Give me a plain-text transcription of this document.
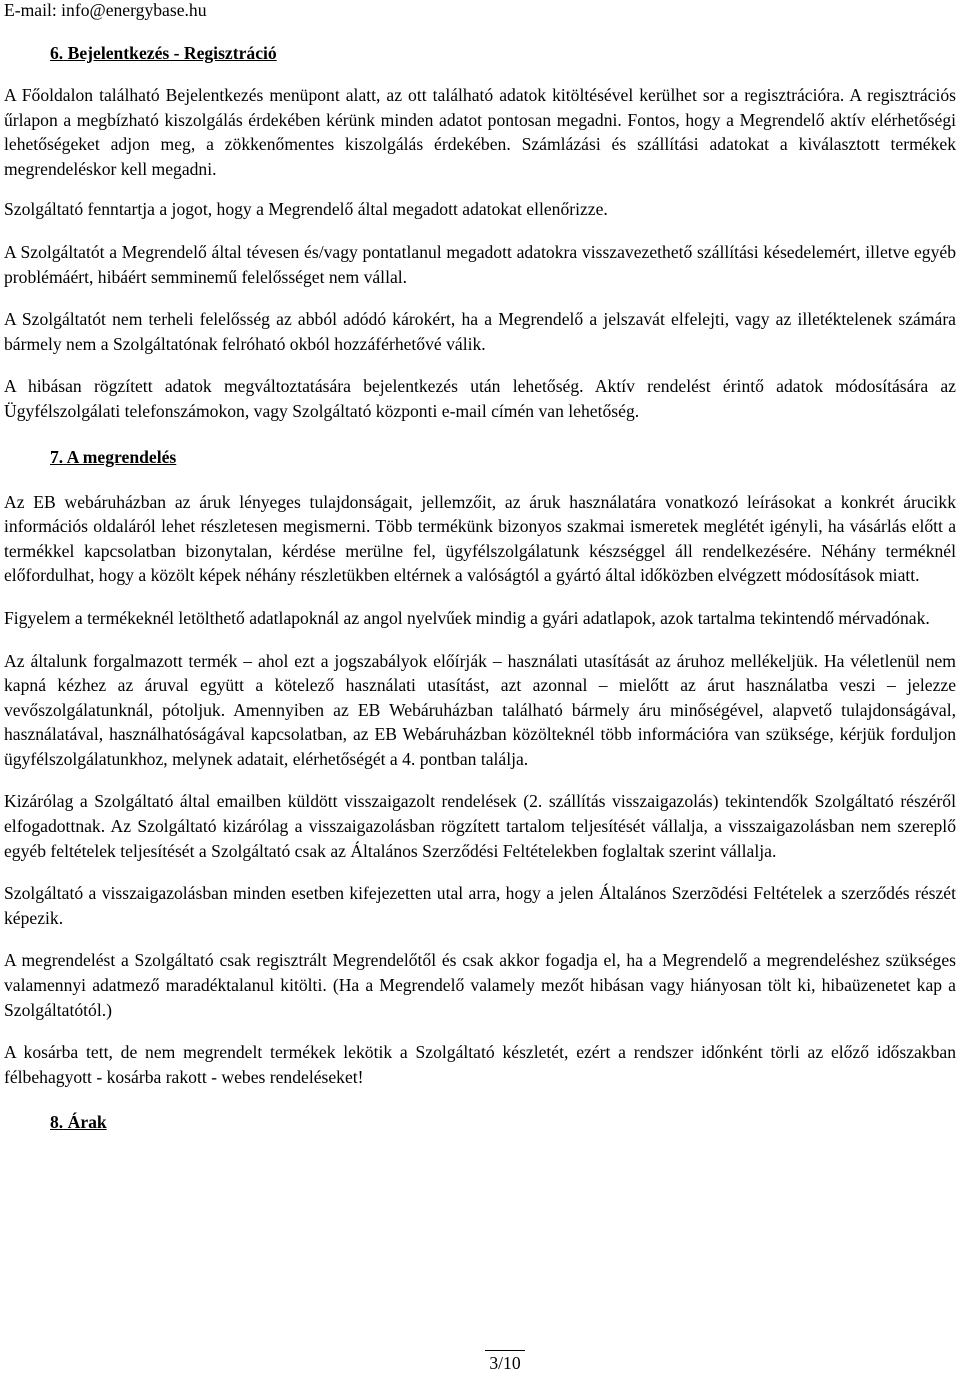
E-mail: info@energybase.hu
6. Bejelentkezés - Regisztráció

A Főoldalon található Bejelentkezés menüpont alatt, az ott található adatok kitöltésével kerülhet sor a regisztrációra. A regisztrációs űrlapon a megbízható kiszolgálás érdekében kérünk minden adatot pontosan megadni. Fontos, hogy a Megrendelő aktív elérhetőségi lehetőségeket adjon meg, a zökkenőmentes kiszolgálás érdekében. Számlázási és szállítási adatokat a kiválasztott termékek megrendeléskor kell megadni.

Szolgáltató fenntartja a jogot, hogy a Megrendelő által megadott adatokat ellenőrizze.

A Szolgáltatót a Megrendelő által tévesen és/vagy pontatlanul megadott adatokra visszavezethető szállítási késedelemért, illetve egyéb problémáért, hibáért semminemű felelősséget nem vállal.

A Szolgáltatót nem terheli felelősség az abból adódó károkért, ha a Megrendelő a jelszavát elfelejti, vagy az illetéktelenek számára bármely nem a Szolgáltatónak felróható okból hozzáférhetővé válik.

A hibásan rögzített adatok megváltoztatására bejelentkezés után lehetőség. Aktív rendelést érintő adatok módosítására az Ügyfélszolgálati telefonszámokon, vagy Szolgáltató központi e-mail címén van lehetőség.

7. A megrendelés

Az EB webáruházban az áruk lényeges tulajdonságait, jellemzőit, az áruk használatára vonatkozó leírásokat a konkrét árucikk információs oldaláról lehet részletesen megismerni. Több termékünk bizonyos szakmai ismeretek meglétét igényli, ha vásárlás előtt a termékkel kapcsolatban bizonytalan, kérdése merülne fel, ügyfélszolgálatunk készséggel áll rendelkezésére. Néhány terméknél előfordulhat, hogy a közölt képek néhány részletükben eltérnek a valóságtól a gyártó által időközben elvégzett módosítások miatt.

Figyelem a termékeknél letölthető adatlapoknál az angol nyelvűek mindig a gyári adatlapok, azok tartalma tekintendő mérvadónak.

Az általunk forgalmazott termék – ahol ezt a jogszabályok előírják – használati utasítását az áruhoz mellékeljük. Ha véletlenül nem kapná kézhez az áruval együtt a kötelező használati utasítást, azt azonnal – mielőtt az árut használatba veszi – jelezze vevőszolgálatunknál, pótoljuk. Amennyiben az EB Webáruházban található bármely áru minőségével, alapvető tulajdonságával, használatával, használhatóságával kapcsolatban, az EB Webáruházban közölteknél több információra van szüksége, kérjük forduljon ügyfélszolgálatunkhoz, melynek adatait, elérhetőségét a 4. pontban találja.

Kizárólag a Szolgáltató által emailben küldött visszaigazolt rendelések (2. szállítás visszaigazolás) tekintendők Szolgáltató részéről elfogadottnak. Az Szolgáltató kizárólag a visszaigazolásban rögzített tartalom teljesítését vállalja, a visszaigazolásban nem szereplő egyéb feltételek teljesítését a Szolgáltató csak az Általános Szerződési Feltételekben foglaltak szerint vállalja.

Szolgáltató a visszaigazolásban minden esetben kifejezetten utal arra, hogy a jelen Általános Szerzõdési Feltételek a szerződés részét képezik.

A megrendelést a Szolgáltató csak regisztrált Megrendelőtől és csak akkor fogadja el, ha a Megrendelő a megrendeléshez szükséges valamennyi adatmező maradéktalanul kitölti. (Ha a Megrendelő valamely mezőt hibásan vagy hiányosan tölt ki, hibaüzenetet kap a Szolgáltatótól.)

A kosárba tett, de nem megrendelt termékek lekötik a Szolgáltató készletét, ezért a rendszer időnként törli az előző időszakban félbehagyott - kosárba rakott - webes rendeléseket!

8. Árak
3/10
